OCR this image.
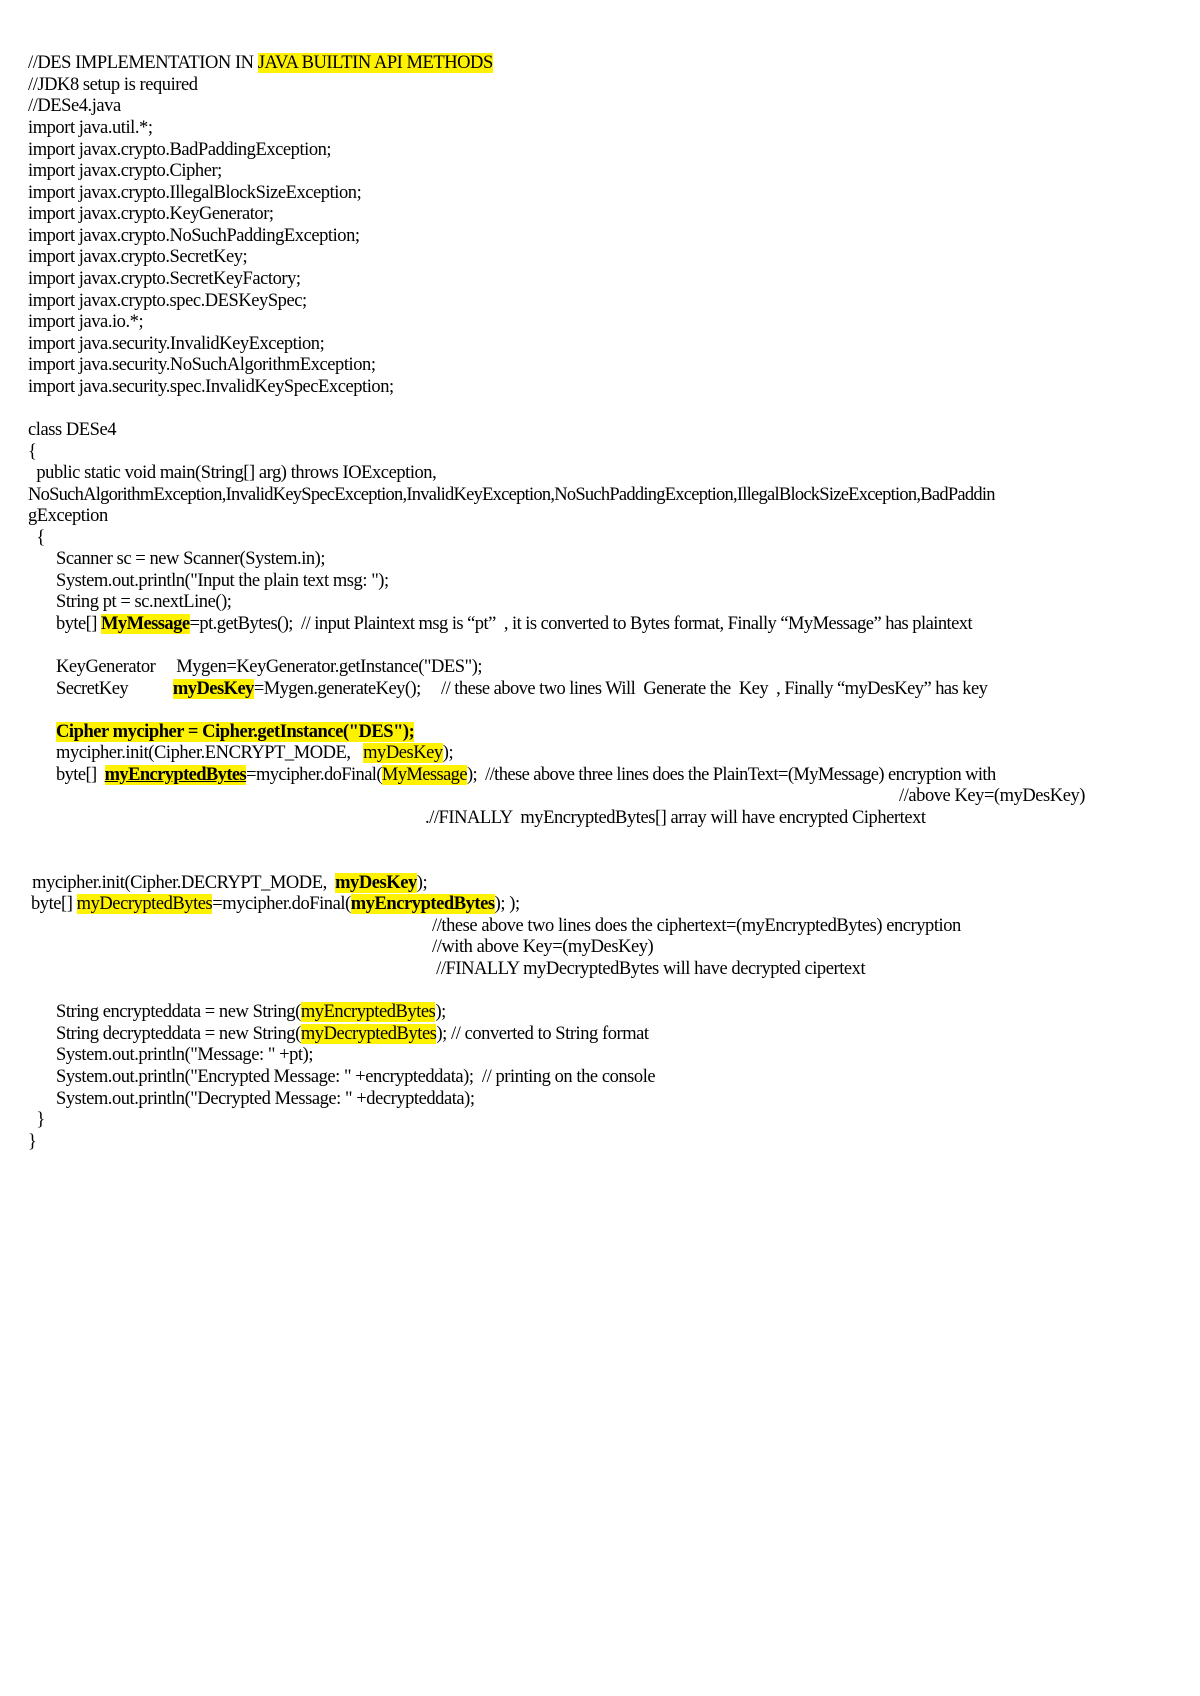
//DES IMPLEMENTATION IN JAVA BUILTIN API METHODS
//JDK8 setup is required
//DESe4.java
import java.util.*;
import javax.crypto.BadPaddingException;
import javax.crypto.Cipher;
import javax.crypto.IllegalBlockSizeException;
import javax.crypto.KeyGenerator;
import javax.crypto.NoSuchPaddingException;
import javax.crypto.SecretKey;
import javax.crypto.SecretKeyFactory;
import javax.crypto.spec.DESKeySpec;
import java.io.*;
import java.security.InvalidKeyException;
import java.security.NoSuchAlgorithmException;
import java.security.spec.InvalidKeySpecException;
class DESe4
{
public static void main(String[] arg) throws IOException,
NoSuchAlgorithmException,InvalidKeySpecException,InvalidKeyException,NoSuchPaddingException,IllegalBlockSizeException,BadPaddin
gException
{
Scanner sc = new Scanner(System.in);
System.out.println("Input the plain text msg: ");
String pt = sc.nextLine();
byte[] MyMessage=pt.getBytes();  // input Plaintext msg is “pt”  , it is converted to Bytes format, Finally “MyMessage” has plaintext
KeyGenerator     Mygen=KeyGenerator.getInstance("DES");
SecretKey           myDesKey=Mygen.generateKey();     // these above two lines Will  Generate the  Key  , Finally “myDesKey” has key
Cipher mycipher = Cipher.getInstance("DES");
mycipher.init(Cipher.ENCRYPT_MODE,   myDesKey);
byte[]  myEncryptedBytes=mycipher.doFinal(MyMessage);  //these above three lines does the PlainText=(MyMessage) encryption with
//above Key=(myDesKey)
.//FINALLY  myEncryptedBytes[] array will have encrypted Ciphertext
mycipher.init(Cipher.DECRYPT_MODE,  myDesKey);
byte[] myDecryptedBytes=mycipher.doFinal(myEncryptedBytes); );
//these above two lines does the ciphertext=(myEncryptedBytes) encryption
//with above Key=(myDesKey)
//FINALLY myDecryptedBytes will have decrypted cipertext
String encrypteddata = new String(myEncryptedBytes);
String decrypteddata = new String(myDecryptedBytes); // converted to String format
System.out.println("Message: " +pt);
System.out.println("Encrypted Message: " +encrypteddata);  // printing on the console
System.out.println("Decrypted Message: " +decrypteddata);
}
}
